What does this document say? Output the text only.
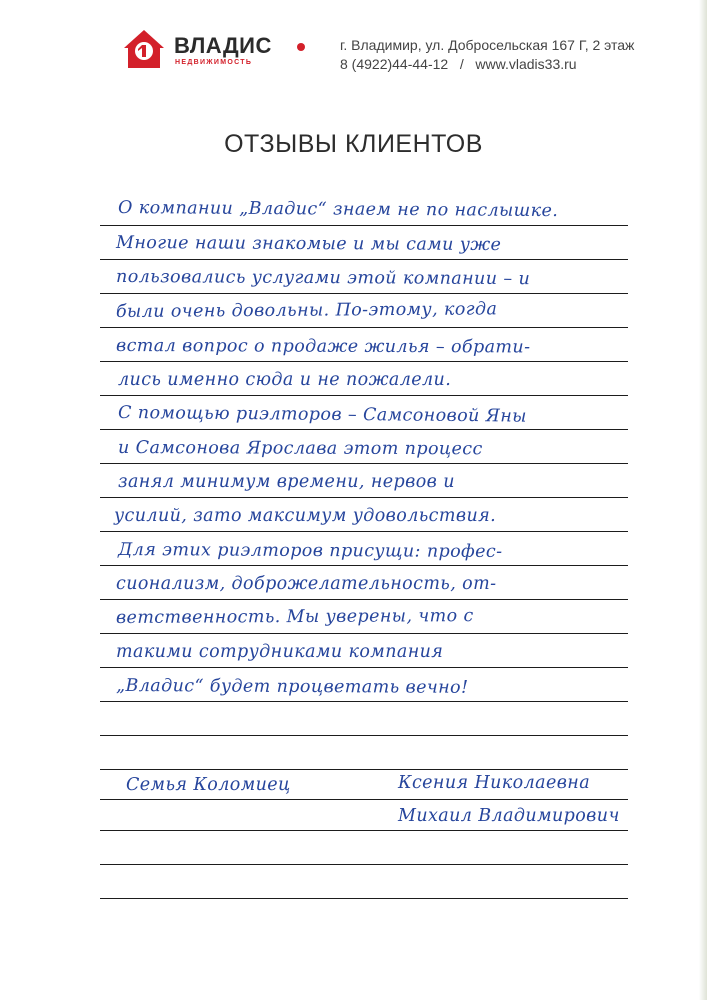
ВЛАДИС
НЕДВИЖИМОСТЬ
г. Владимир, ул. Добросельская 167 Г, 2 этаж
8 (4922)44-44-12 / www.vladis33.ru
ОТЗЫВЫ КЛИЕНТОВ
О компании „Владис“ знаем не по наслышке.
Многие наши знакомые и мы сами уже
пользовались услугами этой компании – и
были очень довольны. По-этому, когда
встал вопрос о продаже жилья – обрати-
лись именно сюда и не пожалели.
С помощью риэлторов – Самсоновой Яны
и Самсонова Ярослава этот процесс
занял минимум времени, нервов и
усилий, зато максимум удовольствия.
Для этих риэлторов присущи: профес-
сионализм, доброжелательность, от-
ветственность. Мы уверены, что с
такими сотрудниками компания
„Владис“ будет процветать вечно!
Семья Коломиец	Ксения Николаевна
Михаил Владимирович
